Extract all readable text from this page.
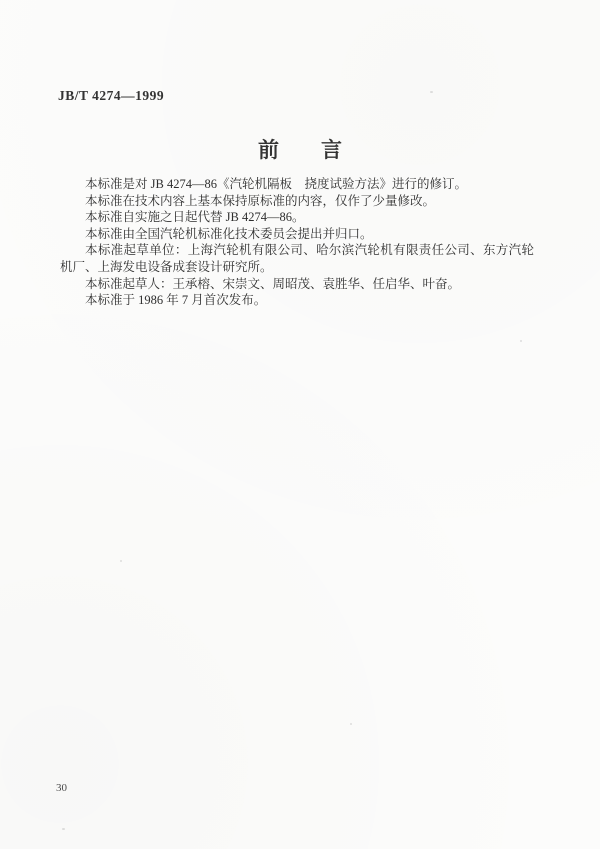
JB/T 4274—1999
前　　言

本标准是对 JB 4274—86《汽轮机隔板　挠度试验方法》进行的修订。

本标准在技术内容上基本保持原标准的内容，仅作了少量修改。

本标准自实施之日起代替 JB 4274—86。

本标准由全国汽轮机标准化技术委员会提出并归口。

本标准起草单位：上海汽轮机有限公司、哈尔滨汽轮机有限责任公司、东方汽轮机厂、上海发电设备成套设计研究所。

本标准起草人：王承榕、宋崇文、周昭茂、袁胜华、任启华、叶奋。

本标准于 1986 年 7 月首次发布。

30
